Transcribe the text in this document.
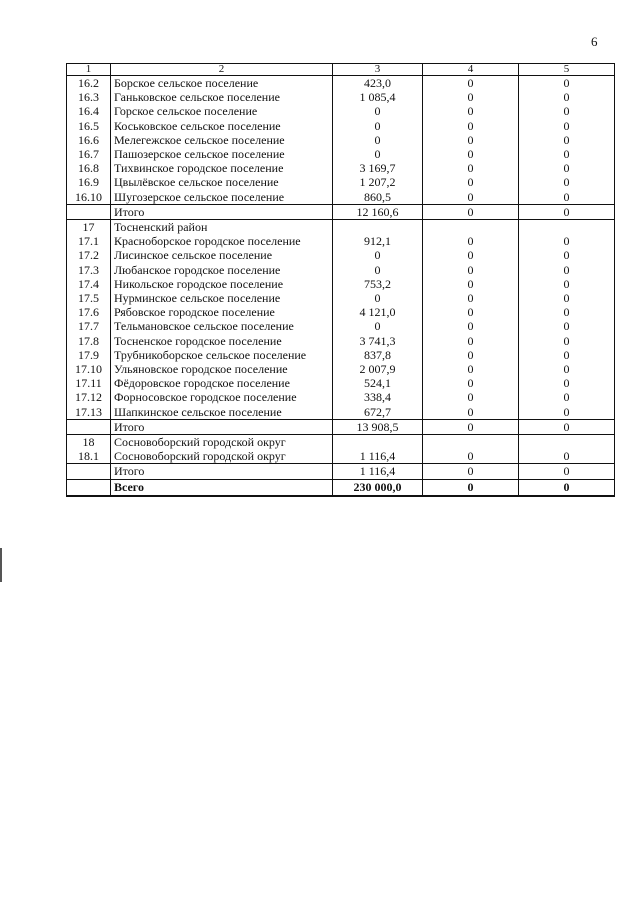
6
1	2	3	4	5
16.2	Борское сельское поселение	423,0	0	0
16.3	Ганьковское сельское поселение	1 085,4	0	0
16.4	Горское сельское поселение	0	0	0
16.5	Коськовское сельское поселение	0	0	0
16.6	Мелегежское сельское поселение	0	0	0
16.7	Пашозерское сельское поселение	0	0	0
16.8	Тихвинское городское поселение	3 169,7	0	0
16.9	Цвылёвское сельское поселение	1 207,2	0	0
16.10	Шугозерское сельское поселение	860,5	0	0
	Итого	12 160,6	0	0
17	Тосненский район			
17.1	Красноборское городское поселение	912,1	0	0
17.2	Лисинское сельское поселение	0	0	0
17.3	Любанское городское поселение	0	0	0
17.4	Никольское городское поселение	753,2	0	0
17.5	Нурминское сельское поселение	0	0	0
17.6	Рябовское городское поселение	4 121,0	0	0
17.7	Тельмановское сельское поселение	0	0	0
17.8	Тосненское городское поселение	3 741,3	0	0
17.9	Трубникоборское сельское поселение	837,8	0	0
17.10	Ульяновское городское поселение	2 007,9	0	0
17.11	Фёдоровское городское поселение	524,1	0	0
17.12	Форносовское городское поселение	338,4	0	0
17.13	Шапкинское сельское поселение	672,7	0	0
	Итого	13 908,5	0	0
18	Сосновоборский городской округ			
18.1	Сосновоборский городской округ	1 116,4	0	0
	Итого	1 116,4	0	0
	Всего	230 000,0	0	0
